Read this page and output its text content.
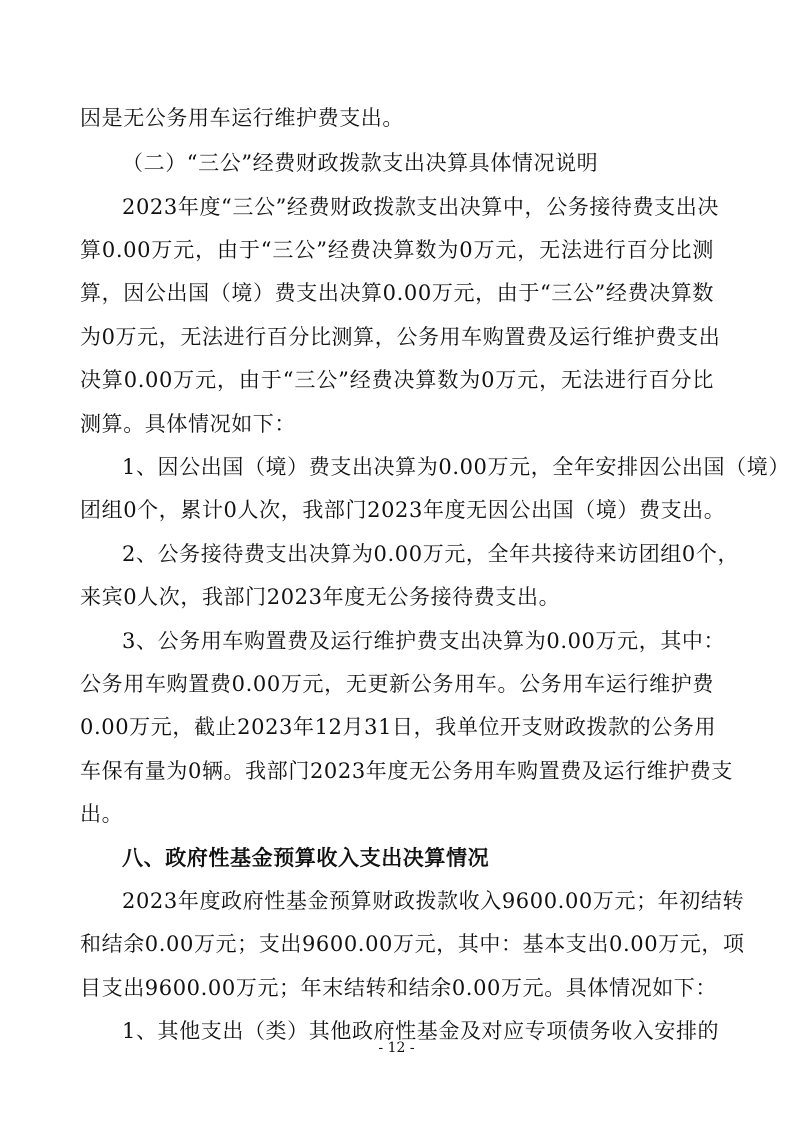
因是无公务用车运行维护费支出。
（二）“三公”经费财政拨款支出决算具体情况说明
2023年度“三公”经费财政拨款支出决算中，公务接待费支出决
算0.00万元，由于“三公”经费决算数为0万元，无法进行百分比测
算，因公出国（境）费支出决算0.00万元，由于“三公”经费决算数
为0万元，无法进行百分比测算，公务用车购置费及运行维护费支出
决算0.00万元，由于“三公”经费决算数为0万元，无法进行百分比
测算。具体情况如下：
1、因公出国（境）费支出决算为0.00万元，全年安排因公出国（境）
团组0个，累计0人次，我部门2023年度无因公出国（境）费支出。
2、公务接待费支出决算为0.00万元，全年共接待来访团组0个，
来宾0人次，我部门2023年度无公务接待费支出。
3、公务用车购置费及运行维护费支出决算为0.00万元，其中：
公务用车购置费0.00万元，无更新公务用车。公务用车运行维护费
0.00万元，截止2023年12月31日，我单位开支财政拨款的公务用
车保有量为0辆。我部门2023年度无公务用车购置费及运行维护费支
出。
八、政府性基金预算收入支出决算情况
2023年度政府性基金预算财政拨款收入9600.00万元；年初结转
和结余0.00万元；支出9600.00万元，其中：基本支出0.00万元，项
目支出9600.00万元；年末结转和结余0.00万元。具体情况如下：
1、其他支出（类）其他政府性基金及对应专项债务收入安排的
- 12 -
